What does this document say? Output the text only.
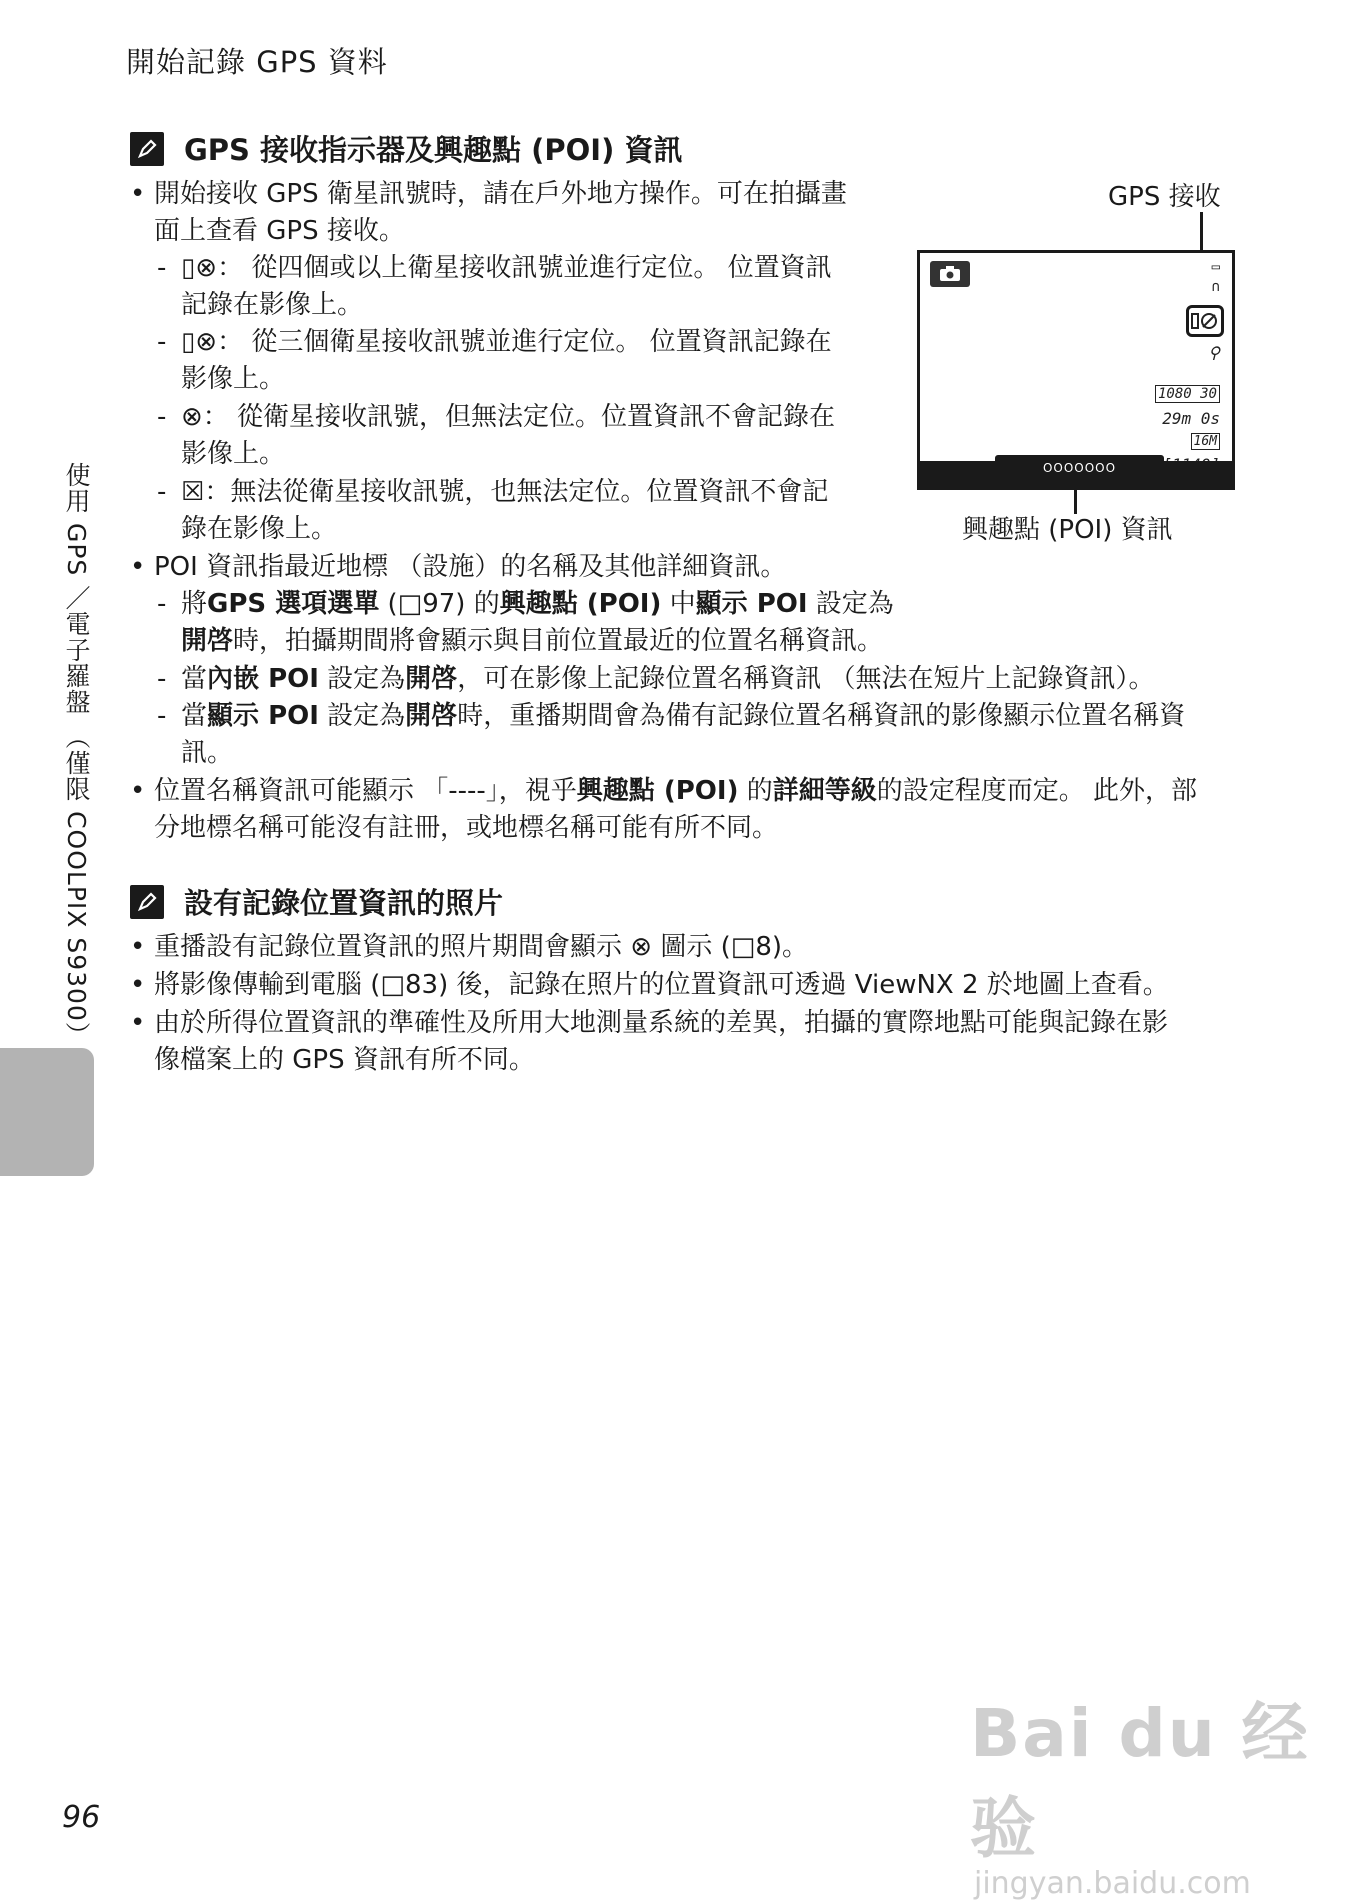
開始記錄 GPS 資料
GPS 接收指示器及興趣點 (POI) 資訊
• 開始接收 GPS 衛星訊號時，請在戶外地方操作。可在拍攝畫
面上查看 GPS 接收。
- ▯⊗： 從四個或以上衛星接收訊號並進行定位。 位置資訊
記錄在影像上。
- ▯⊗： 從三個衛星接收訊號並進行定位。 位置資訊記錄在
影像上。
- ⊗： 從衛星接收訊號，但無法定位。位置資訊不會記錄在
影像上。
- ☒：無法從衛星接收訊號，也無法定位。位置資訊不會記
錄在影像上。
• POI 資訊指最近地標 （設施）的名稱及其他詳細資訊。
- 將GPS 選項選單 (□97) 的興趣點 (POI) 中顯示 POI 設定為
開啓時，拍攝期間將會顯示與目前位置最近的位置名稱資訊。
- 當內嵌 POI 設定為開啓，可在影像上記錄位置名稱資訊 （無法在短片上記錄資訊）。
- 當顯示 POI 設定為開啓時，重播期間會為備有記錄位置名稱資訊的影像顯示位置名稱資
訊。
• 位置名稱資訊可能顯示 「----」，視乎興趣點 (POI) 的詳細等級的設定程度而定。 此外，部
分地標名稱可能沒有註冊，或地標名稱可能有所不同。
GPS 接收
▭
∩
⚲
1080 30
29m 0s
16M
OOOOOOO
興趣點 (POI) 資訊
設有記錄位置資訊的照片
• 重播設有記錄位置資訊的照片期間會顯示 ⊗ 圖示 (□8)。
• 將影像傳輸到電腦 (□83) 後，記錄在照片的位置資訊可透過 ViewNX 2 於地圖上查看。
• 由於所得位置資訊的準確性及所用大地測量系統的差異，拍攝的實際地點可能與記錄在影
像檔案上的 GPS 資訊有所不同。
使用 GPS ／電子羅盤 （僅限 COOLPIX S9300）
96
Bai du 经验
jingyan.baidu.com
